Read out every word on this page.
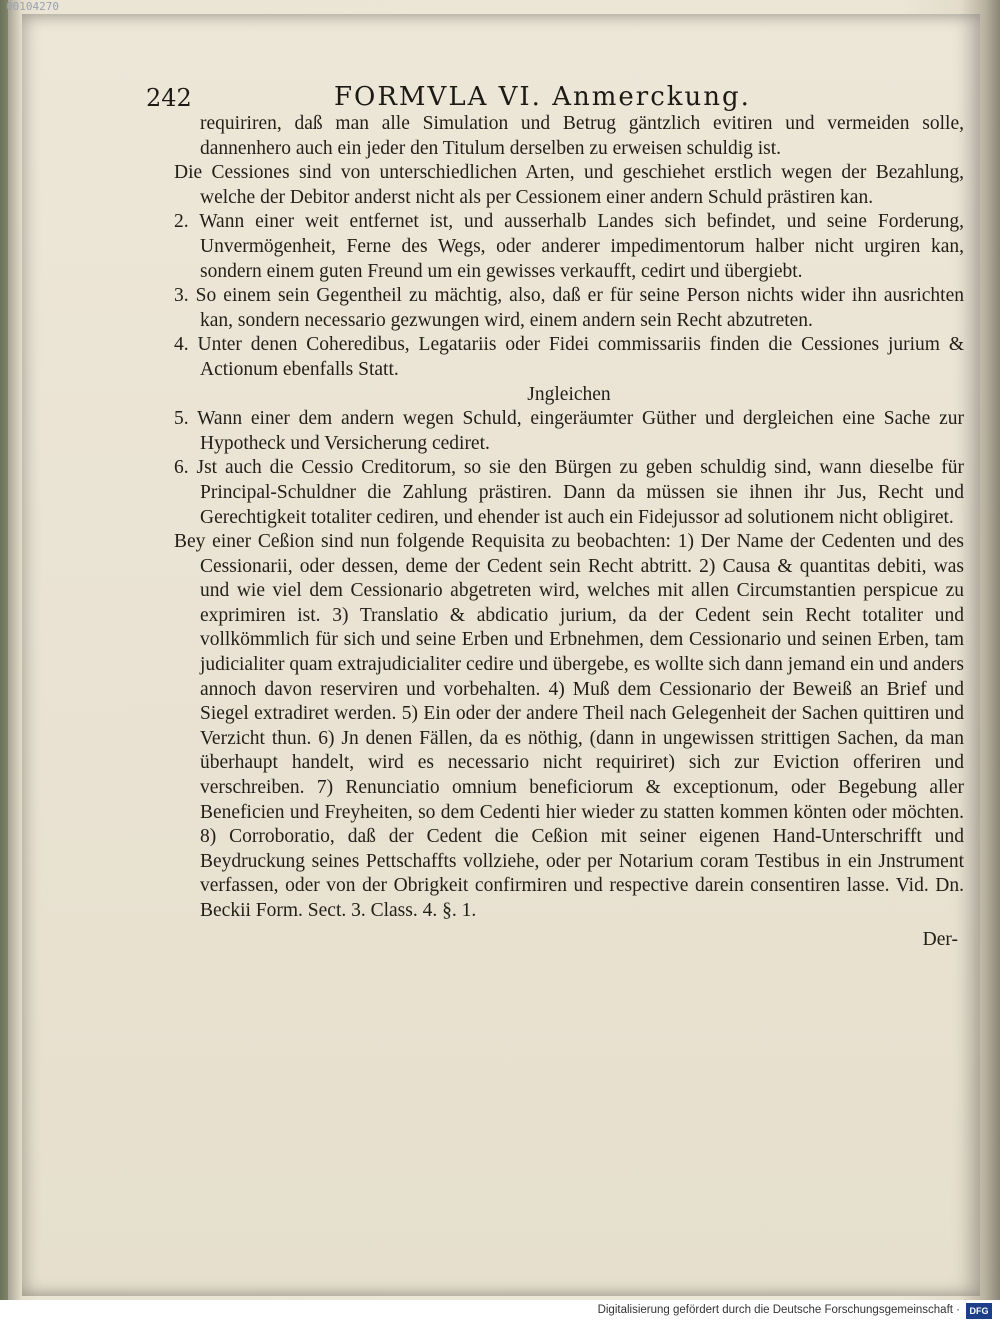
00104270
242	FORMVLA VI. Anmerckung.

requiriren, daß man alle Simulation und Betrug gäntzlich evitiren und vermeiden solle, dannenhero auch ein jeder den Titulum derselben zu erweisen schuldig ist.

Die Cessiones sind von unterschiedlichen Arten, und geschiehet erstlich wegen der Bezahlung, welche der Debitor anderst nicht als per Cessionem einer andern Schuld prästiren kan.

2. Wann einer weit entfernet ist, und ausserhalb Landes sich befindet, und seine Forderung, Unvermögenheit, Ferne des Wegs, oder anderer impedimentorum halber nicht urgiren kan, sondern einem guten Freund um ein gewisses verkaufft, cedirt und übergiebt.

3. So einem sein Gegentheil zu mächtig, also, daß er für seine Person nichts wider ihn ausrichten kan, sondern necessario gezwungen wird, einem andern sein Recht abzutreten.

4. Unter denen Coheredibus, Legatariis oder Fidei commissariis finden die Cessiones jurium & Actionum ebenfalls Statt.

Jngleichen

5. Wann einer dem andern wegen Schuld, eingeräumter Güther und dergleichen eine Sache zur Hypotheck und Versicherung cediret.

6. Jst auch die Cessio Creditorum, so sie den Bürgen zu geben schuldig sind, wann dieselbe für Principal-Schuldner die Zahlung prästiren. Dann da müssen sie ihnen ihr Jus, Recht und Gerechtigkeit totaliter cediren, und ehender ist auch ein Fidejussor ad solutionem nicht obligiret.

Bey einer Ceßion sind nun folgende Requisita zu beobachten: 1) Der Name der Cedenten und des Cessionarii, oder dessen, deme der Cedent sein Recht abtritt. 2) Causa & quantitas debiti, was und wie viel dem Cessionario abgetreten wird, welches mit allen Circumstantien perspicue zu exprimiren ist. 3) Translatio & abdicatio jurium, da der Cedent sein Recht totaliter und vollkömmlich für sich und seine Erben und Erbnehmen, dem Cessionario und seinen Erben, tam judicialiter quam extrajudicialiter cedire und übergebe, es wollte sich dann jemand ein und anders annoch davon reserviren und vorbehalten. 4) Muß dem Cessionario der Beweiß an Brief und Siegel extradiret werden. 5) Ein oder der andere Theil nach Gelegenheit der Sachen quittiren und Verzicht thun. 6) Jn denen Fällen, da es nöthig, (dann in ungewissen strittigen Sachen, da man überhaupt handelt, wird es necessario nicht requiriret) sich zur Eviction offeriren und verschreiben. 7) Renunciatio omnium beneficiorum & exceptionum, oder Begebung aller Beneficien und Freyheiten, so dem Cedenti hier wieder zu statten kommen könten oder möchten. 8) Corroboratio, daß der Cedent die Ceßion mit seiner eigenen Hand-Unterschrifft und Beydruckung seines Pettschaffts vollziehe, oder per Notarium coram Testibus in ein Jnstrument verfassen, oder von der Obrigkeit confirmiren und respective darein consentiren lasse. Vid. Dn. Beckii Form. Sect. 3. Class. 4. §. 1.

Der-

Digitalisierung gefördert durch die Deutsche Forschungsgemeinschaft ·	DFG
